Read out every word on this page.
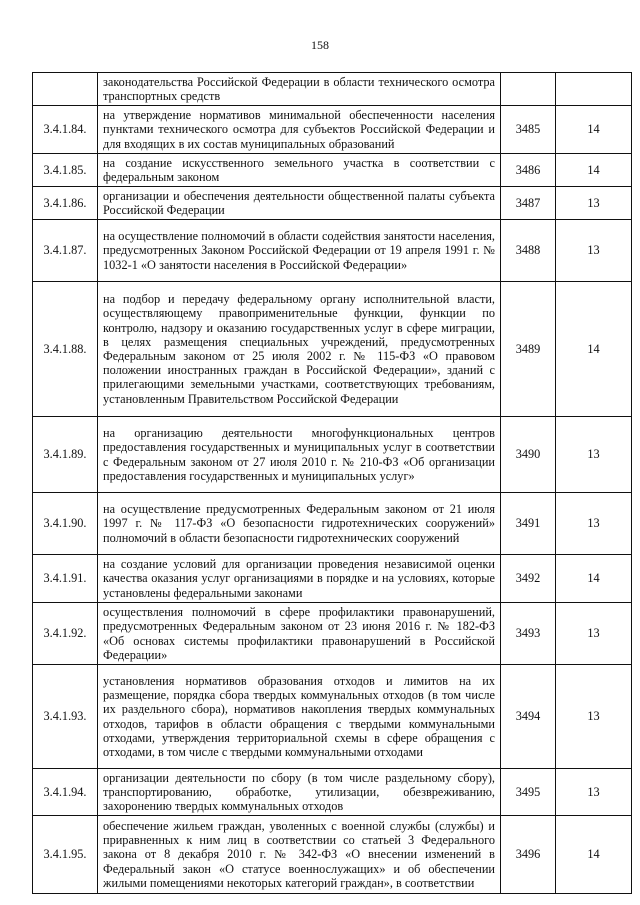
158
	законодательства Российской Федерации в области технического осмотра транспортных средств		
3.4.1.84.	на утверждение нормативов минимальной обеспеченности населения пунктами технического осмотра для субъектов Российской Федерации и для входящих в их состав муниципальных образований	3485	14
3.4.1.85.	на создание искусственного земельного участка в соответствии с федеральным законом	3486	14
3.4.1.86.	организации и обеспечения деятельности общественной палаты субъекта Российской Федерации	3487	13
3.4.1.87.	на осуществление полномочий в области содействия занятости населения, предусмотренных Законом Российской Федерации от 19 апреля 1991 г. № 1032-1 «О занятости населения в Российской Федерации»	3488	13
3.4.1.88.	на подбор и передачу федеральному органу исполнительной власти, осуществляющему правоприменительные функции, функции по контролю, надзору и оказанию государственных услуг в сфере миграции, в целях размещения специальных учреждений, предусмотренных Федеральным законом от 25 июля 2002 г. № 115-ФЗ «О правовом положении иностранных граждан в Российской Федерации», зданий с прилегающими земельными участками, соответствующих требованиям, установленным Правительством Российской Федерации	3489	14
3.4.1.89.	на организацию деятельности многофункциональных центров предоставления государственных и муниципальных услуг в соответствии с Федеральным законом от 27 июля 2010 г. № 210-ФЗ «Об организации предоставления государственных и муниципальных услуг»	3490	13
3.4.1.90.	на осуществление предусмотренных Федеральным законом от 21 июля 1997 г. № 117-ФЗ «О безопасности гидротехнических сооружений» полномочий в области безопасности гидротехнических сооружений	3491	13
3.4.1.91.	на создание условий для организации проведения независимой оценки качества оказания услуг организациями в порядке и на условиях, которые установлены федеральными законами	3492	14
3.4.1.92.	осуществления полномочий в сфере профилактики правонарушений, предусмотренных Федеральным законом от 23 июня 2016 г. № 182-ФЗ «Об основах системы профилактики правонарушений в Российской Федерации»	3493	13
3.4.1.93.	установления нормативов образования отходов и лимитов на их размещение, порядка сбора твердых коммунальных отходов (в том числе их раздельного сбора), нормативов накопления твердых коммунальных отходов, тарифов в области обращения с твердыми коммунальными отходами, утверждения территориальной схемы в сфере обращения с отходами, в том числе с твердыми коммунальными отходами	3494	13
3.4.1.94.	организации деятельности по сбору (в том числе раздельному сбору), транспортированию, обработке, утилизации, обезвреживанию, захоронению твердых коммунальных отходов	3495	13
3.4.1.95.	обеспечение жильем граждан, уволенных с военной службы (службы) и приравненных к ним лиц в соответствии со статьей 3 Федерального закона от 8 декабря 2010 г. № 342-ФЗ «О внесении изменений в Федеральный закон «О статусе военнослужащих» и об обеспечении жилыми помещениями некоторых категорий граждан», в соответствии	3496	14
